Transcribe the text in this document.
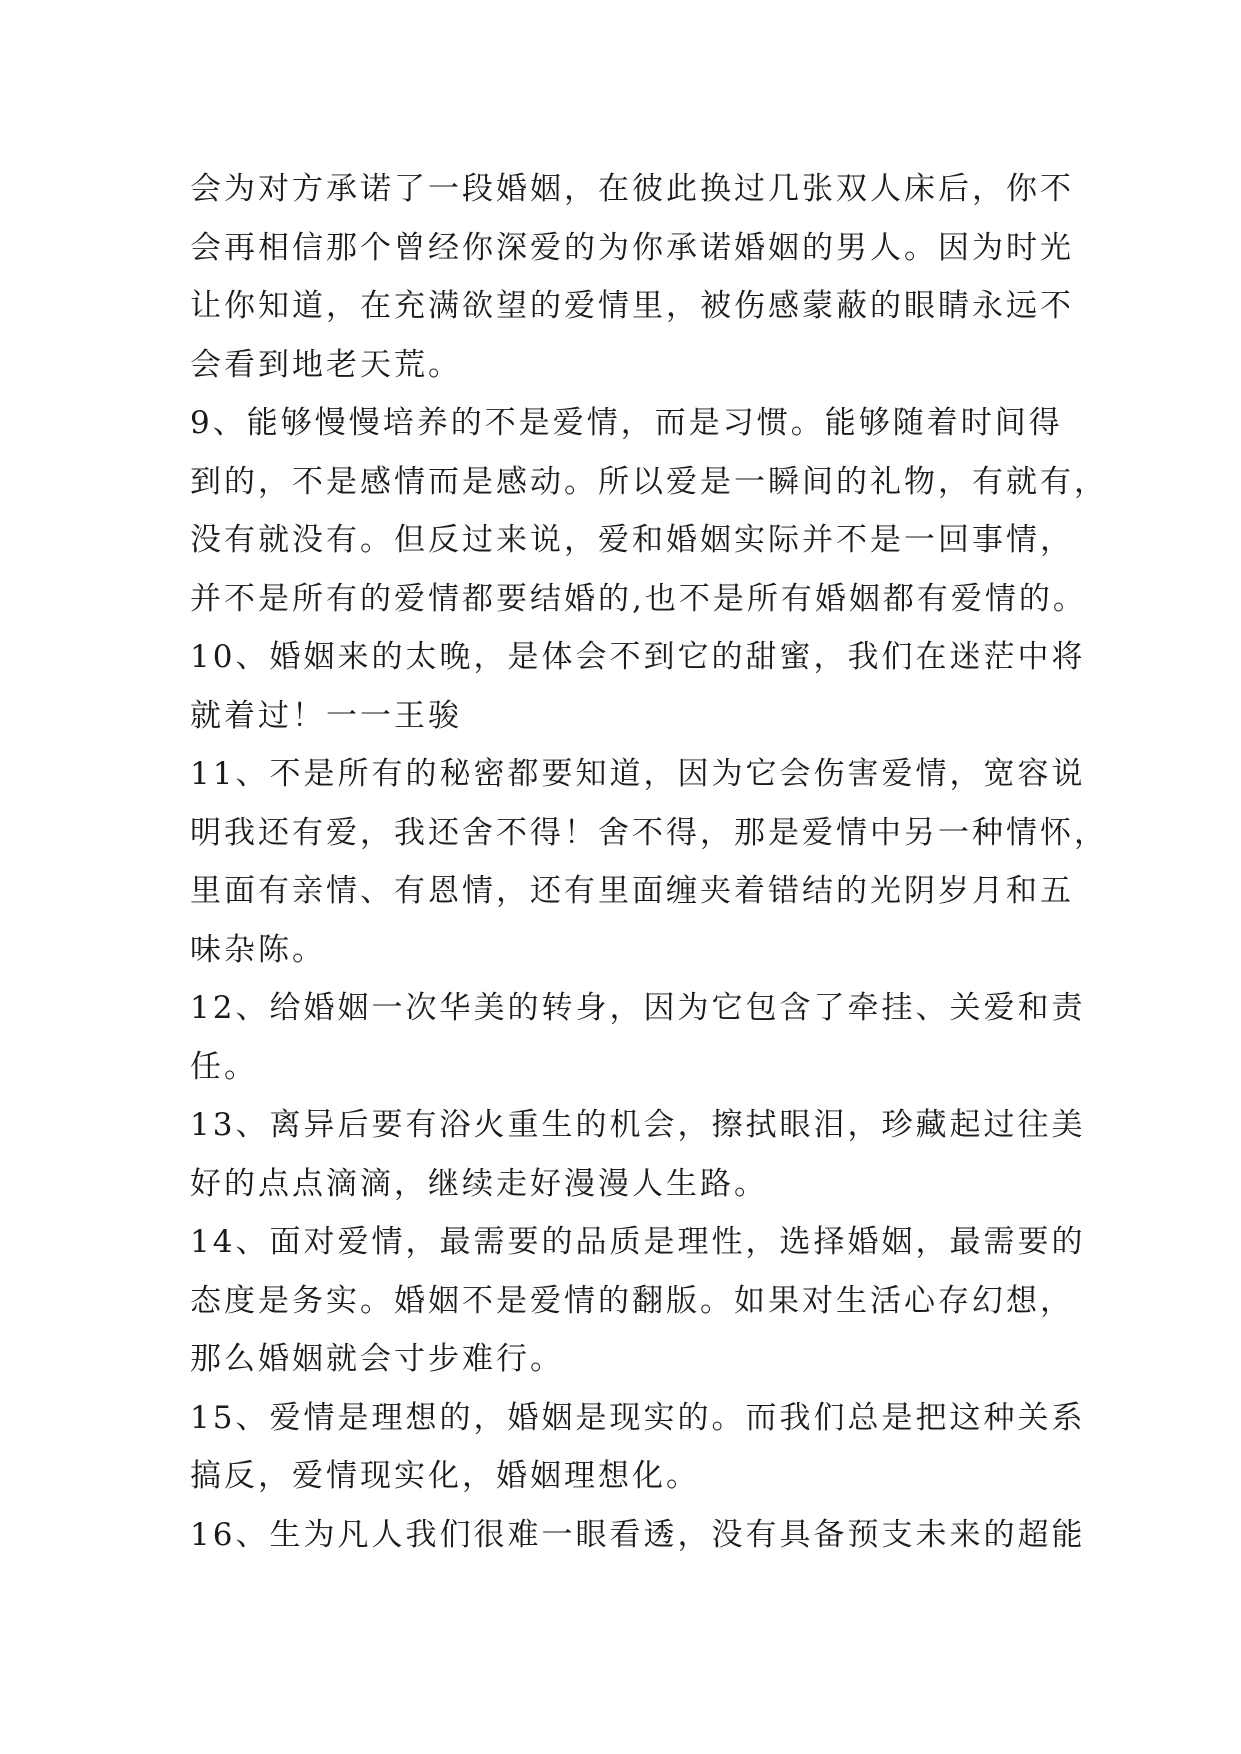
会为对方承诺了一段婚姻，在彼此换过几张双人床后，你不
会再相信那个曾经你深爱的为你承诺婚姻的男人。因为时光
让你知道，在充满欲望的爱情里，被伤感蒙蔽的眼睛永远不
会看到地老天荒。
9、能够慢慢培养的不是爱情，而是习惯。能够随着时间得
到的，不是感情而是感动。所以爱是一瞬间的礼物，有就有，
没有就没有。但反过来说，爱和婚姻实际并不是一回事情，
并不是所有的爱情都要结婚的,也不是所有婚姻都有爱情的。
10、婚姻来的太晚，是体会不到它的甜蜜，我们在迷茫中将
就着过！一一王骏
11、不是所有的秘密都要知道，因为它会伤害爱情，宽容说
明我还有爱，我还舍不得！舍不得，那是爱情中另一种情怀，
里面有亲情、有恩情，还有里面缠夹着错结的光阴岁月和五
味杂陈。
12、给婚姻一次华美的转身，因为它包含了牵挂、关爱和责
任。
13、离异后要有浴火重生的机会，擦拭眼泪，珍藏起过往美
好的点点滴滴，继续走好漫漫人生路。
14、面对爱情，最需要的品质是理性，选择婚姻，最需要的
态度是务实。婚姻不是爱情的翻版。如果对生活心存幻想，
那么婚姻就会寸步难行。
15、爱情是理想的，婚姻是现实的。而我们总是把这种关系
搞反，爱情现实化，婚姻理想化。
16、生为凡人我们很难一眼看透，没有具备预支未来的超能
